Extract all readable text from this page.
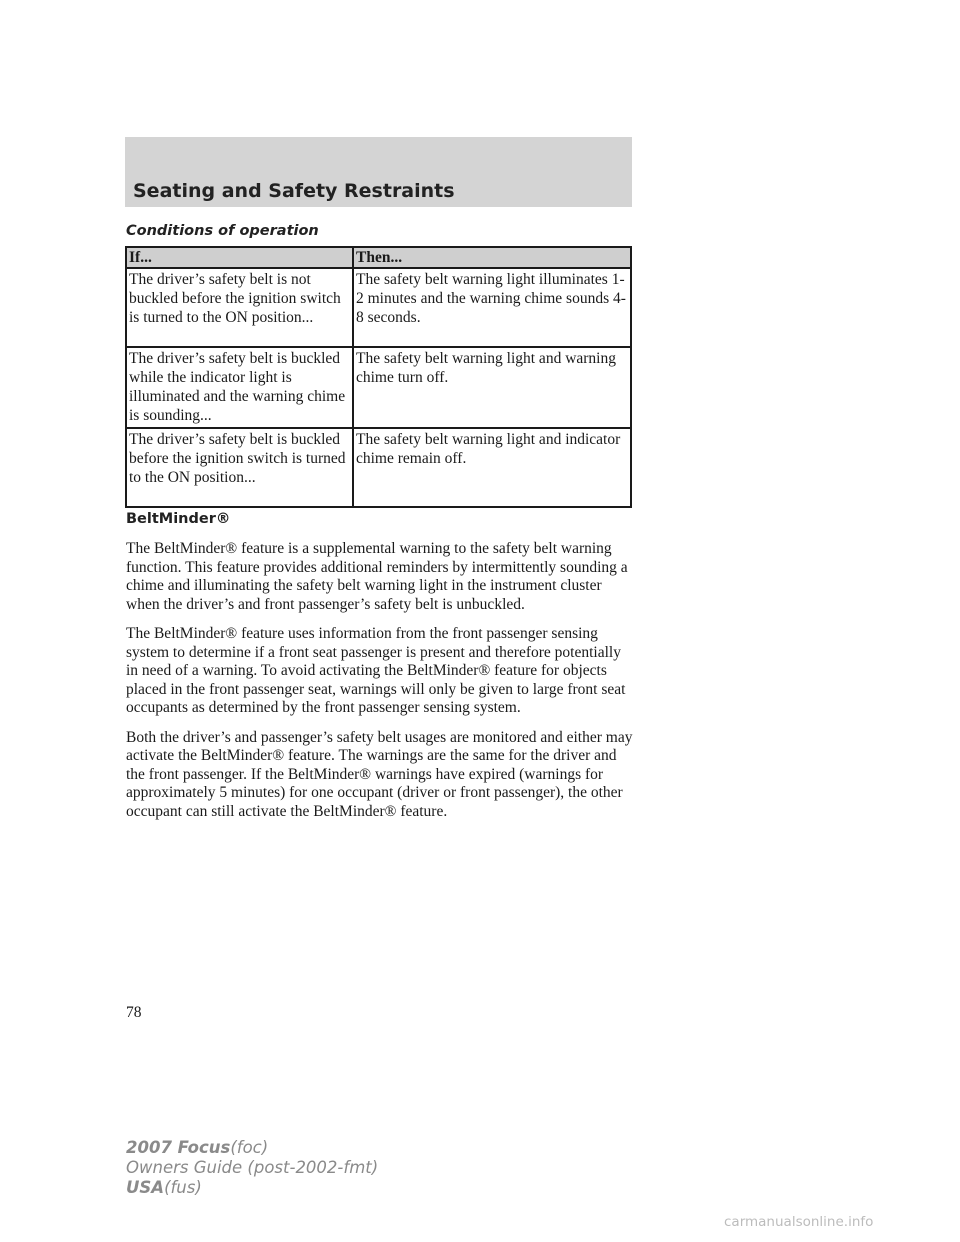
Seating and Safety Restraints
Conditions of operation
If...	Then...
The driver’s safety belt is not buckled before the ignition switch is turned to the ON position...	The safety belt warning light illuminates 1-2 minutes and the warning chime sounds 4-8 seconds.
The driver’s safety belt is buckled while the indicator light is illuminated and the warning chime is sounding...	The safety belt warning light and warning chime turn off.
The driver’s safety belt is buckled before the ignition switch is turned to the ON position...	The safety belt warning light and indicator chime remain off.
BeltMinder®

The BeltMinder® feature is a supplemental warning to the safety belt warning function. This feature provides additional reminders by intermittently sounding a chime and illuminating the safety belt warning light in the instrument cluster when the driver’s and front passenger’s safety belt is unbuckled.

The BeltMinder® feature uses information from the front passenger sensing system to determine if a front seat passenger is present and therefore potentially in need of a warning. To avoid activating the BeltMinder® feature for objects placed in the front passenger seat, warnings will only be given to large front seat occupants as determined by the front passenger sensing system.

Both the driver’s and passenger’s safety belt usages are monitored and either may activate the BeltMinder® feature. The warnings are the same for the driver and the front passenger. If the BeltMinder® warnings have expired (warnings for approximately 5 minutes) for one occupant (driver or front passenger), the other occupant can still activate the BeltMinder® feature.

78
2007 Focus(foc)
Owners Guide (post-2002-fmt)
USA(fus)
carmanualsonline.info
